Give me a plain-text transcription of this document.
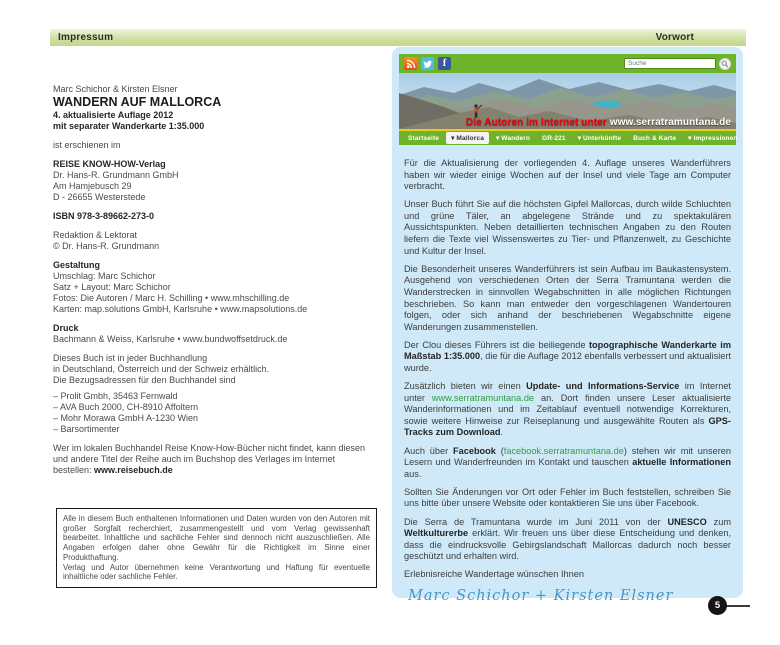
Impressum	Vorwort
Marc Schichor & Kirsten Elsner
WANDERN AUF MALLORCA
4. aktualisierte Auflage 2012
mit separater Wanderkarte 1:35.000
ist erschienen im
REISE KNOW-HOW-Verlag
Dr. Hans-R. Grundmann GmbH
Am Hamjebusch 29
D - 26655 Westerstede
ISBN 978-3-89662-273-0
Redaktion & Lektorat
© Dr. Hans-R. Grundmann
Gestaltung
Umschlag: Marc Schichor
Satz + Layout: Marc Schichor
Fotos: Die Autoren / Marc H. Schilling • www.mhschilling.de
Karten: map.solutions GmbH, Karlsruhe • www.mapsolutions.de
Druck
Bachmann & Weiss, Karlsruhe • www.bundwoffsetdruck.de
Dieses Buch ist in jeder Buchhandlung
in Deutschland, Österreich und der Schweiz erhältlich.
Die Bezugsadressen für den Buchhandel sind
– Prolit Gmbh, 35463 Fernwald
– AVA Buch 2000, CH-8910 Affoltern
– Mohr Morawa GmbH A-1230 Wien
– Barsortimenter
Wer im lokalen Buchhandel Reise Know-How-Bücher nicht findet, kann diesen und andere Titel der Reihe auch im Buchshop des Verlages im Internet bestellen: www.reisebuch.de

Alle in diesem Buch enthaltenen Informationen und Daten wurden von den Autoren mit großer Sorgfalt recherchiert, zusammengestellt und vom Verlag gewissenhaft bearbeitet. Inhaltliche und sachliche Fehler sind dennoch nicht auszuschließen. Alle Angaben erfolgen daher ohne Gewähr für die Richtigkeit im Sinne einer Produkthaftung.

Verlag und Autor übernehmen keine Verantwortung und Haftung für eventuelle inhaltliche oder sachliche Fehler.

f
Suche
Die Autoren im Internet unter www.serratramuntana.de
Startseite	▾ Mallorca	▾ Wandern	GR-221	▾ Unterkünfte	Buch & Karte	▾ Impressionen	Kontakt

Für die Aktualisierung der vorliegenden 4. Auflage unseres Wanderführers haben wir wieder einige Wochen auf der Insel und viele Tage am Computer verbracht.

Unser Buch führt Sie auf die höchsten Gipfel Mallorcas, durch wilde Schluchten und grüne Täler, an abgelegene Strände und zu spektakulären Aussichtspunkten. Neben detaillierten technischen Angaben zu den Routen liefern die Texte viel Wissenswertes zu Tier- und Pflanzenwelt, zu Geschichte und Kultur der Insel.

Die Besonderheit unseres Wanderführers ist sein Aufbau im Baukastensystem. Ausgehend von verschiedenen Orten der Serra Tramuntana werden die Wanderstrecken in sinnvollen Wegabschnitten in alle möglichen Richtungen beschrieben. So kann man entweder den vorgeschlagenen Wandertouren folgen, oder sich anhand der beschriebenen Wegabschnitte eigene Wanderungen zusammenstellen.

Der Clou dieses Führers ist die beiliegende topographische Wanderkarte im Maßstab 1:35.000, die für die Auflage 2012 ebenfalls verbessert und aktualisiert wurde.

Zusätzlich bieten wir einen Update- und Informations-Service im Internet unter www.serratramuntana.de an. Dort finden unsere Leser aktualisierte Wanderinformationen und im Zeitablauf eventuell notwendige Korrekturen, sowie weitere Hinweise zur Reiseplanung und ausgewählte Routen als GPS-Tracks zum Download.

Auch über Facebook (facebook.serratramuntana.de) stehen wir mit unseren Lesern und Wanderfreunden im Kontakt und tauschen aktuelle Informationen aus.

Sollten Sie Änderungen vor Ort oder Fehler im Buch feststellen, schreiben Sie uns bitte über unsere Website oder kontaktieren Sie uns über Facebook.

Die Serra de Tramuntana wurde im Juni 2011 von der UNESCO zum Weltkulturerbe erklärt. Wir freuen uns über diese Entscheidung und denken, dass die eindrucksvolle Gebirgslandschaft Mallorcas dadurch noch besser geschützt und erhalten wird.

Erlebnisreiche Wandertage wünschen Ihnen

Marc Schichor + Kirsten Elsner
5
